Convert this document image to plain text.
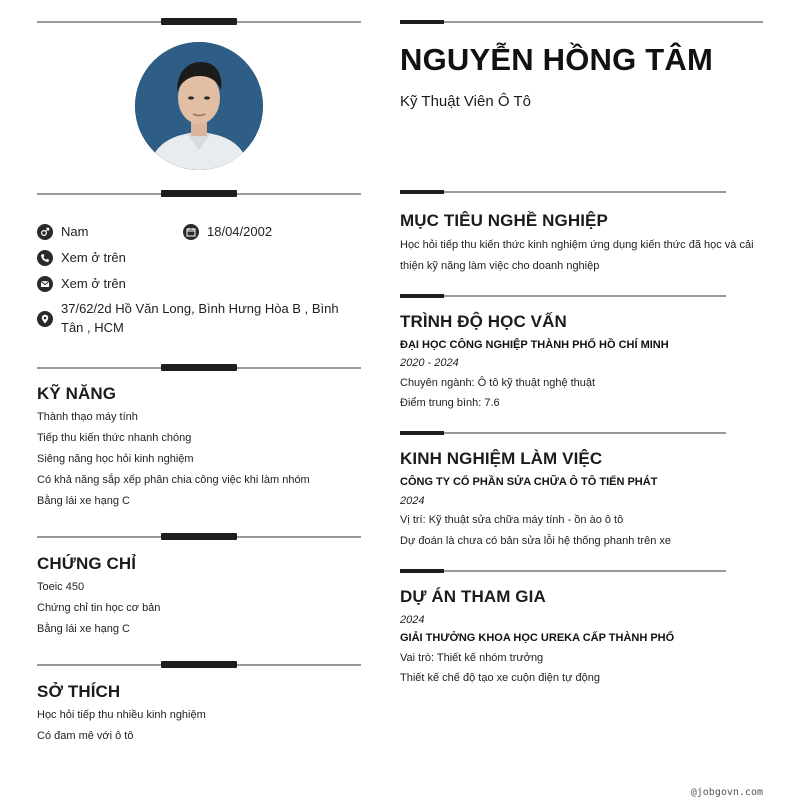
Nam	18/04/2002
Xem ở trên
Xem ở trên
37/62/2d Hồ Văn Long, Bình Hưng Hòa B , Bình Tân , HCM
KỸ NĂNG
Thành thạo máy tính
Tiếp thu kiến thức nhanh chóng
Siêng năng học hỏi kinh nghiệm
Có khả năng sắp xếp phân chia công việc khi làm nhóm
Bằng lái xe hạng C
CHỨNG CHỈ
Toeic 450
Chứng chỉ tin học cơ bản
Bằng lái xe hạng C
SỞ THÍCH
Học hỏi tiếp thu nhiều kinh nghiệm
Có đam mê với ô tô
NGUYỄN HỒNG TÂM
Kỹ Thuật Viên Ô Tô
MỤC TIÊU NGHỀ NGHIỆP
Học hỏi tiếp thu kiến thức kinh nghiệm ứng dụng kiến thức đã học và cải thiện kỹ năng làm việc cho doanh nghiệp
TRÌNH ĐỘ HỌC VẤN
ĐẠI HỌC CÔNG NGHIỆP THÀNH PHỐ HỒ CHÍ MINH
2020 - 2024
Chuyên ngành: Ô tô kỹ thuật nghệ thuật
Điểm trung bình: 7.6
KINH NGHIỆM LÀM VIỆC
CÔNG TY CỔ PHẦN SỬA CHỮA Ô TÔ TIẾN PHÁT
2024
Vị trí: Kỹ thuật sửa chữa máy tính - ồn ào ô tô
Dự đoán là chưa có bản sửa lỗi hệ thống phanh trên xe
DỰ ÁN THAM GIA
2024
GIẢI THƯỞNG KHOA HỌC UREKA CẤP THÀNH PHỐ
Vai trò: Thiết kế nhóm trưởng
Thiết kế chế độ tạo xe cuộn điện tự động
@jobgovn.com
